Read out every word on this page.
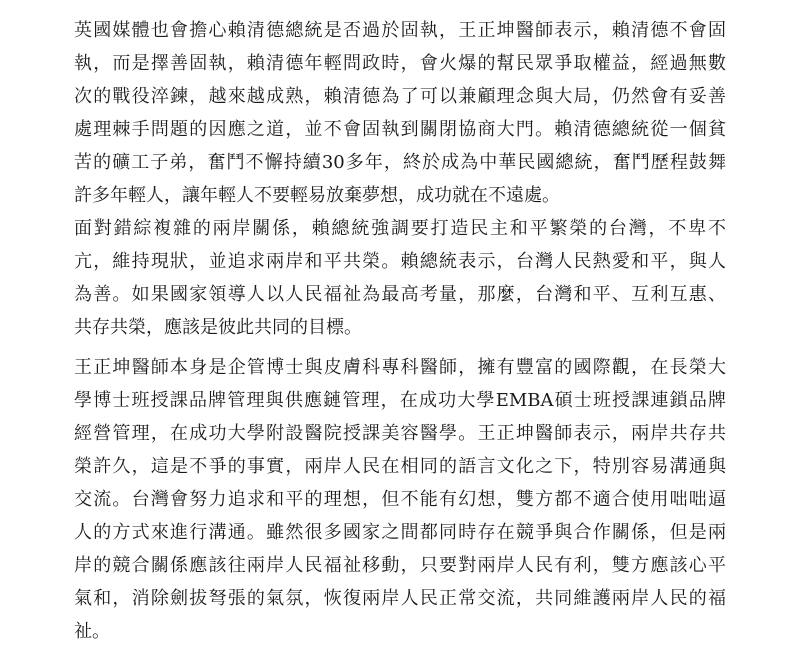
英國媒體也會擔心賴清德總統是否過於固執，王正坤醫師表示，賴清德不會固
執，而是擇善固執，賴清德年輕問政時，會火爆的幫民眾爭取權益，經過無數
次的戰役淬鍊，越來越成熟，賴清德為了可以兼顧理念與大局，仍然會有妥善
處理棘手問題的因應之道，並不會固執到關閉協商大門。賴清德總統從一個貧
苦的礦工子弟，奮鬥不懈持續30多年，終於成為中華民國總統，奮鬥歷程鼓舞
許多年輕人，讓年輕人不要輕易放棄夢想，成功就在不遠處。
面對錯綜複雜的兩岸關係，賴總統強調要打造民主和平繁榮的台灣，不卑不
亢，維持現狀，並追求兩岸和平共榮。賴總統表示，台灣人民熱愛和平，與人
為善。如果國家領導人以人民福祉為最高考量，那麼，台灣和平、互利互惠、
共存共榮，應該是彼此共同的目標。
王正坤醫師本身是企管博士與皮膚科專科醫師，擁有豐富的國際觀，在長榮大
學博士班授課品牌管理與供應鏈管理，在成功大學EMBA碩士班授課連鎖品牌
經營管理，在成功大學附設醫院授課美容醫學。王正坤醫師表示，兩岸共存共
榮許久，這是不爭的事實，兩岸人民在相同的語言文化之下，特別容易溝通與
交流。台灣會努力追求和平的理想，但不能有幻想，雙方都不適合使用咄咄逼
人的方式來進行溝通。雖然很多國家之間都同時存在競爭與合作關係，但是兩
岸的競合關係應該往兩岸人民福祉移動，只要對兩岸人民有利，雙方應該心平
氣和，消除劍拔弩張的氣氛，恢復兩岸人民正常交流，共同維護兩岸人民的福
祉。
